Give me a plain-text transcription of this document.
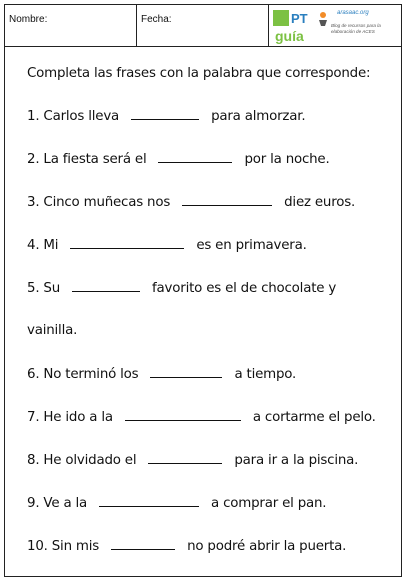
Nombre:	Fecha:	PT
guía
arasaac.org
Blog de recursos para la elaboración de ACES
Completa las frases con la palabra que corresponde:
1. Carlos lleva	para almorzar.
2. La fiesta será el	por la noche.
3. Cinco muñecas nos	diez euros.
4. Mi	es en primavera.
5. Su	favorito es el de chocolate y
vainilla.
6. No terminó los	a tiempo.
7. He ido a la	a cortarme el pelo.
8. He olvidado el	para ir a la piscina.
9. Ve a la	a comprar el pan.
10. Sin mis	no podré abrir la puerta.
